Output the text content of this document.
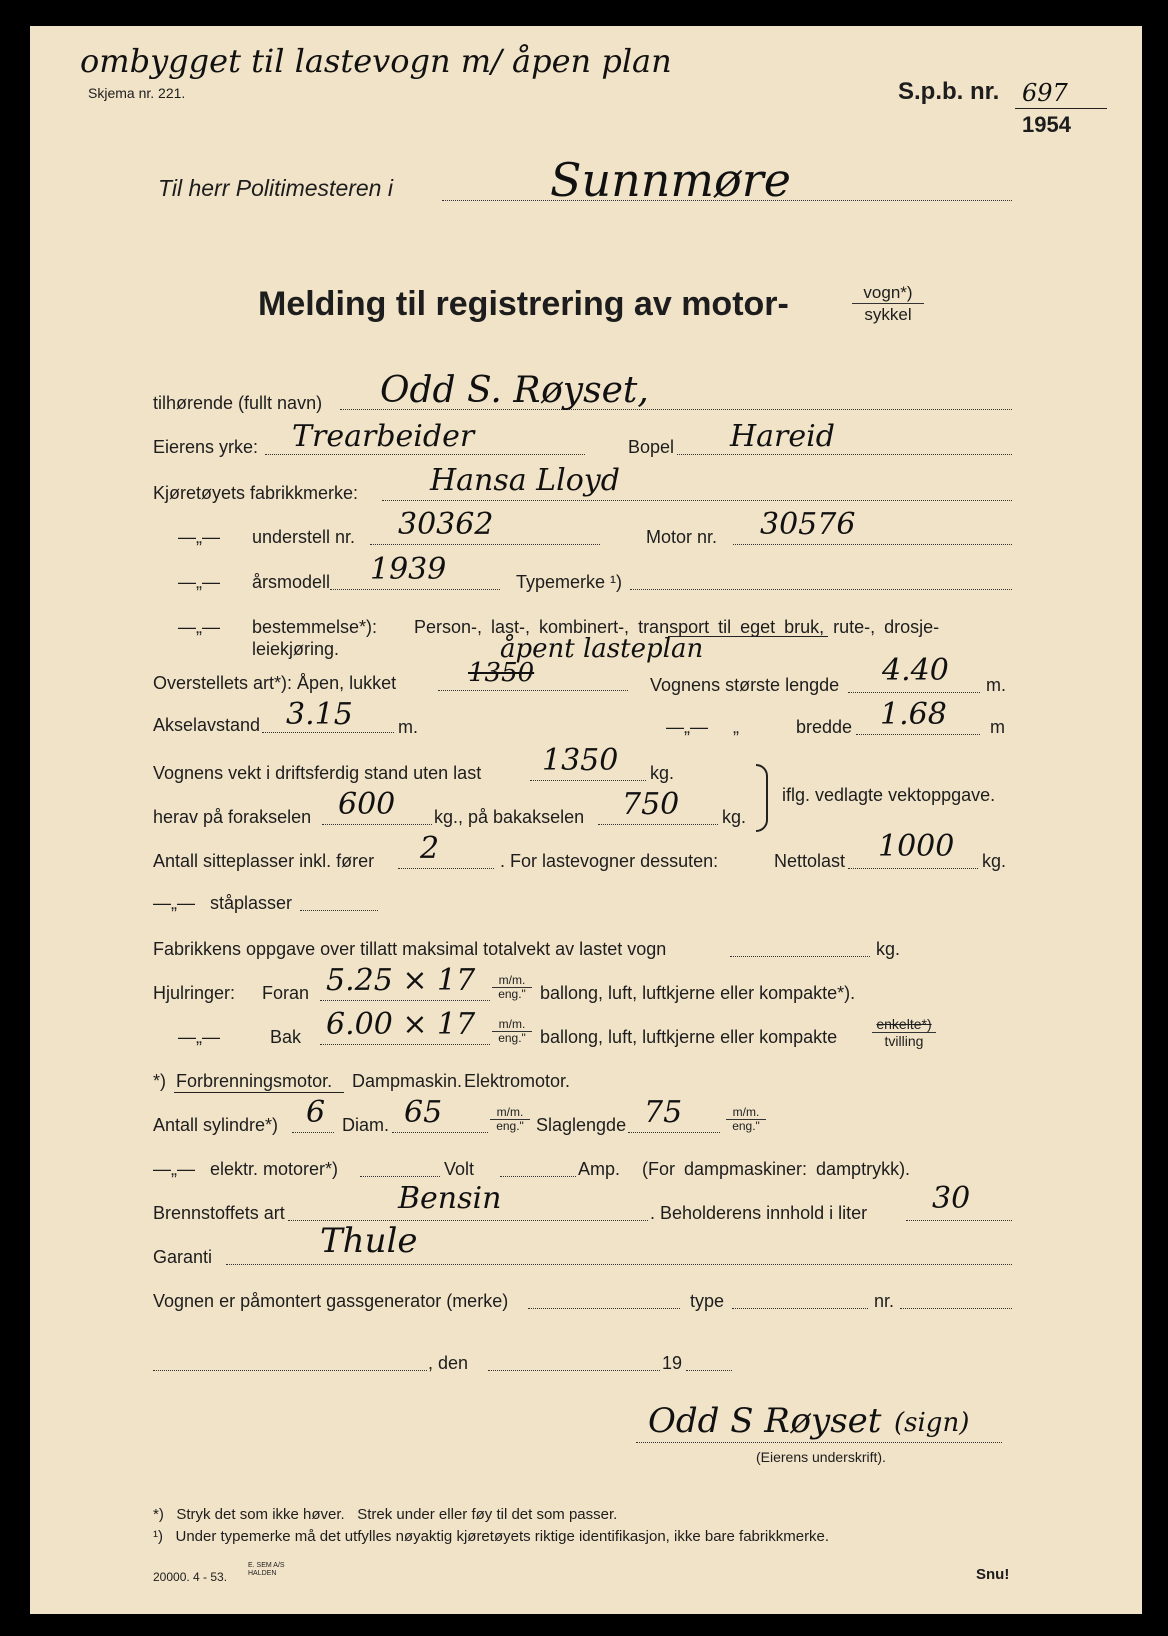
ombygget til lastevogn m/ åpen plan
Skjema nr. 221.	S.p.b. nr. 697
1954
Til herr Politimesteren i	Sunnmøre
Melding til registrering av motor-	vogn*)
sykkel
tilhørende (fullt navn) Odd S. Røyset,
Eierens yrke: Trearbeider	Bopel Hareid
Kjøretøyets fabrikkmerke: Hansa Lloyd
—„— understell nr. 30362	Motor nr. 30576
—„— årsmodell 1939	Typemerke ¹)
—„— bestemmelse*): Person-, last-, kombinert-, transport til eget bruk, rute-, drosje-
leiekjøring.	åpent lasteplan
Overstellets art*): Åpen, lukket	1350	Vognens største lengde 4.40 m.
Akselavstand 3.15	m.	—„—     „	bredde 1.68 m
Vognens vekt i driftsferdig stand uten last 1350 kg.
herav på forakselen 600 kg., på bakakselen 750 kg.
iflg. vedlagte vektoppgave.
Antall sitteplasser inkl. fører 2	. For lastevogner dessuten:	Nettolast 1000 kg.
—„— ståplasser
Fabrikkens oppgave over tillatt maksimal totalvekt av lastet vogn	kg.
Hjulringer: Foran 5.25 × 17	m/m.
eng." ballong, luft, luftkjerne eller kompakte*).
—„—	Bak 6.00 × 17	m/m.
eng." ballong, luft, luftkjerne eller kompakte
enkelte*)
tvilling
*) Forbrenningsmotor. Dampmaskin. Elektromotor.
Antall sylindre*) 6 Diam. 65	m/m.
eng." Slaglengde 75	m/m.
eng."
—„— elektr. motorer*)	Volt	Amp. (For dampmaskiner: damptrykk).
Brennstoffets art	Bensin	. Beholderens innhold i liter 30
Garanti	Thule
Vognen er påmontert gassgenerator (merke)	type	nr.
, den	19
Odd S Røyset (sign)
(Eierens underskrift).
*)   Stryk det som ikke høver.   Strek under eller føy til det som passer.
¹)   Under typemerke må det utfylles nøyaktig kjøretøyets riktige identifikasjon, ikke bare fabrikkmerke.
20000. 4 - 53.
E. SEM A/S HALDEN	Snu!
